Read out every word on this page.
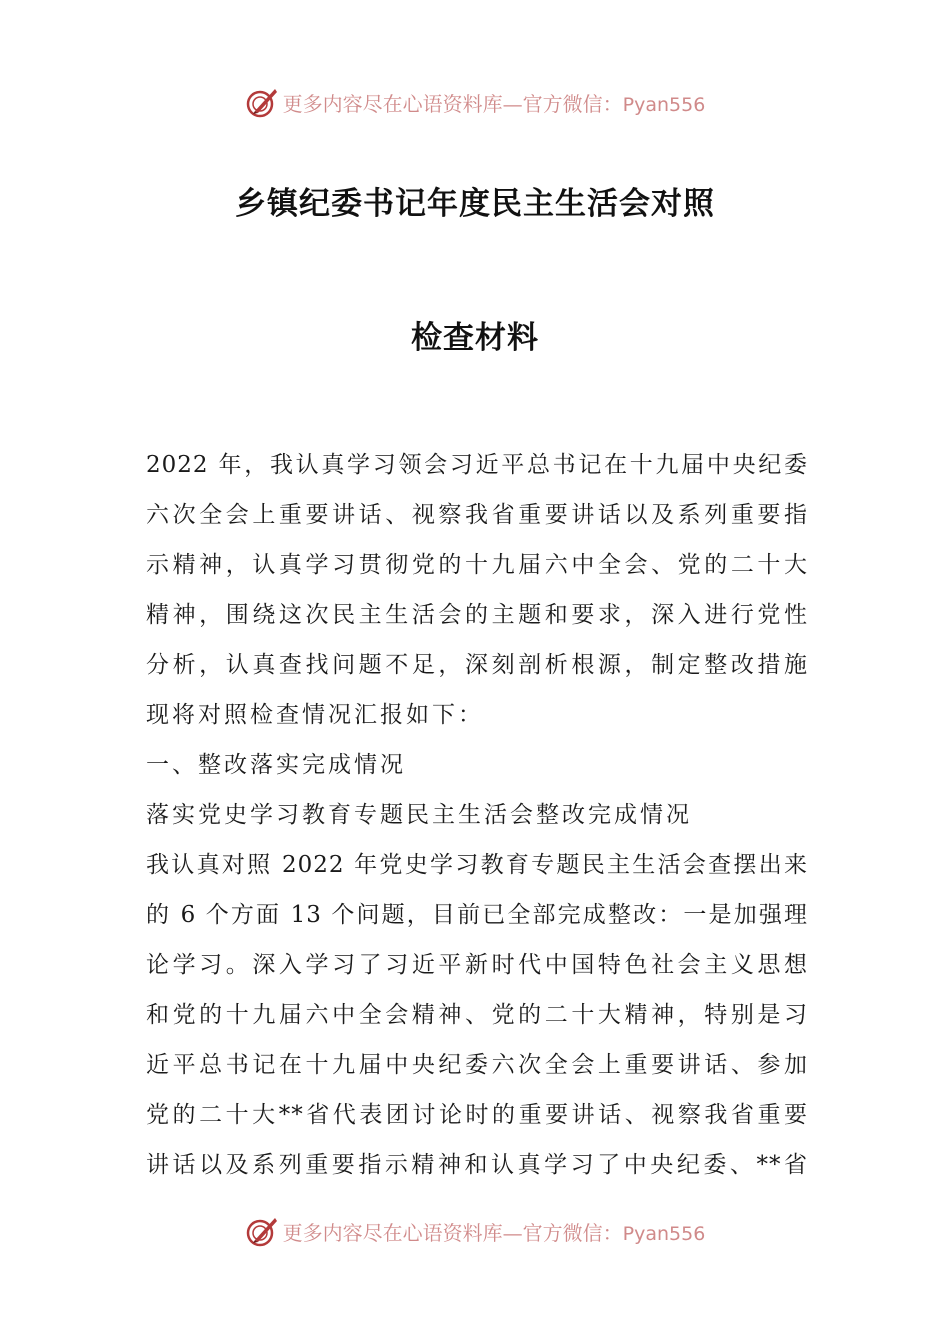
更多内容尽在心语资料库—官方微信：Pyan556
乡镇纪委书记年度民主生活会对照
检查材料
2022 年，我认真学习领会习近平总书记在十九届中央纪委
六次全会上重要讲话、视察我省重要讲话以及系列重要指
示精神，认真学习贯彻党的十九届六中全会、党的二十大
精神，围绕这次民主生活会的主题和要求，深入进行党性
分析，认真查找问题不足，深刻剖析根源，制定整改措施
现将对照检查情况汇报如下：
一、整改落实完成情况
落实党史学习教育专题民主生活会整改完成情况
我认真对照 2022 年党史学习教育专题民主生活会查摆出来
的 6 个方面 13 个问题，目前已全部完成整改：一是加强理
论学习。深入学习了习近平新时代中国特色社会主义思想
和党的十九届六中全会精神、党的二十大精神，特别是习
近平总书记在十九届中央纪委六次全会上重要讲话、参加
党的二十大**省代表团讨论时的重要讲话、视察我省重要
讲话以及系列重要指示精神和认真学习了中央纪委、**省
更多内容尽在心语资料库—官方微信：Pyan556
